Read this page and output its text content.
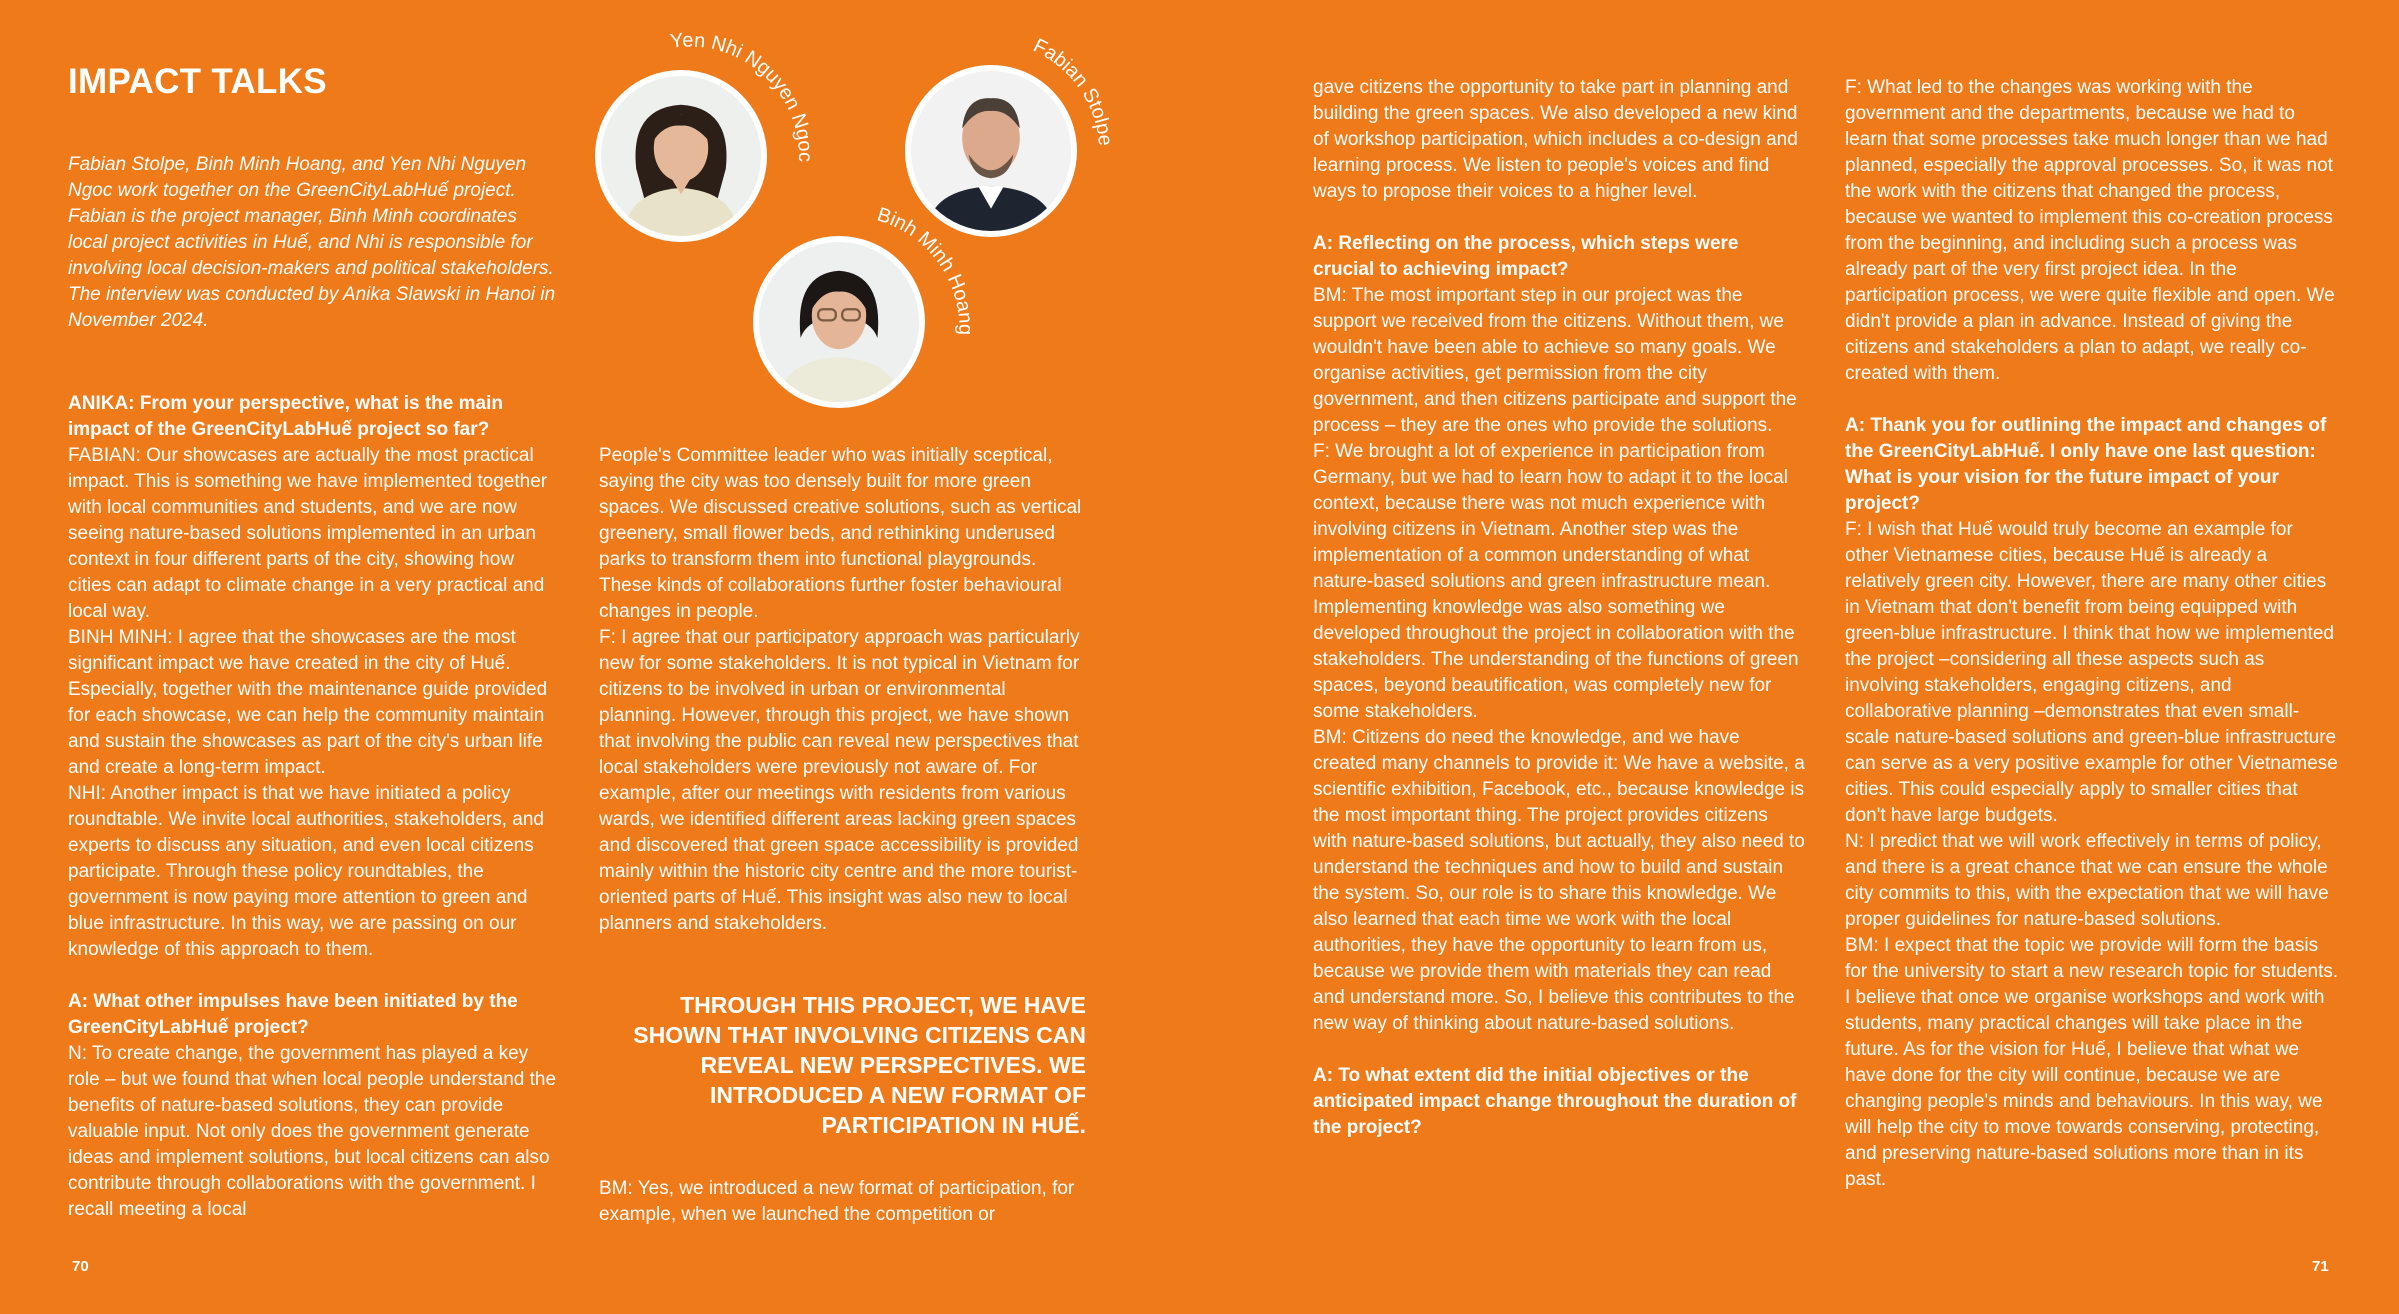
IMPACT TALKS
Fabian Stolpe, Binh Minh Hoang, and Yen Nhi Nguyen Ngoc work together on the GreenCityLabHuế project. Fabian is the project manager, Binh Minh coordinates local project activities in Huế, and Nhi is responsible for involving local decision-makers and political stakeholders. The interview was conducted by Anika Slawski in Hanoi in November 2024.
Yen Nhi Nguyen Ngoc
Fabian Stolpe
Binh Minh Hoang

ANIKA: From your perspective, what is the main impact of the GreenCityLabHuế project so far?

FABIAN: Our showcases are actually the most practical impact. This is something we have implemented together with local communities and students, and we are now seeing nature-based solutions implemented in an urban context in four different parts of the city, showing how cities can adapt to climate change in a very practical and local way.

BINH MINH: I agree that the showcases are the most significant impact we have created in the city of Huế. Especially, together with the maintenance guide provided for each showcase, we can help the community maintain and sustain the showcases as part of the city's urban life and create a long-term impact.

NHI: Another impact is that we have initiated a policy roundtable. We invite local authorities, stakeholders, and experts to discuss any situation, and even local citizens participate. Through these policy roundtables, the government is now paying more attention to green and blue infrastructure. In this way, we are passing on our knowledge of this approach to them.

A: What other impulses have been initiated by the GreenCityLabHuế project?

N: To create change, the government has played a key role – but we found that when local people understand the benefits of nature-based solutions, they can provide valuable input. Not only does the government generate ideas and implement solutions, but local citizens can also contribute through collaborations with the government. I recall meeting a local

People's Committee leader who was initially sceptical, saying the city was too densely built for more green spaces. We discussed creative solutions, such as vertical greenery, small flower beds, and rethinking underused parks to transform them into functional playgrounds. These kinds of collaborations further foster behavioural changes in people.

F: I agree that our participatory approach was particularly new for some stakeholders. It is not typical in Vietnam for citizens to be involved in urban or environmental planning. However, through this project, we have shown that involving the public can reveal new perspectives that local stakeholders were previously not aware of. For example, after our meetings with residents from various wards, we identified different areas lacking green spaces and discovered that green space accessibility is provided mainly within the historic city centre and the more tourist-oriented parts of Huế. This insight was also new to local planners and stakeholders.

THROUGH THIS PROJECT, WE HAVE SHOWN THAT INVOLVING CITIZENS CAN REVEAL NEW PERSPECTIVES. WE INTRODUCED A NEW FORMAT OF PARTICIPATION IN HUẾ.

BM: Yes, we introduced a new format of participation, for example, when we launched the competition or

gave citizens the opportunity to take part in planning and building the green spaces. We also developed a new kind of workshop participation, which includes a co-design and learning process. We listen to people's voices and find ways to propose their voices to a higher level.

A: Reflecting on the process, which steps were crucial to achieving impact?

BM: The most important step in our project was the support we received from the citizens. Without them, we wouldn't have been able to achieve so many goals. We organise activities, get permission from the city government, and then citizens participate and support the process – they are the ones who provide the solutions.

F: We brought a lot of experience in participation from Germany, but we had to learn how to adapt it to the local context, because there was not much experience with involving citizens in Vietnam. Another step was the implementation of a common understanding of what nature-based solutions and green infrastructure mean. Implementing knowledge was also something we developed throughout the project in collaboration with the stakeholders. The understanding of the functions of green spaces, beyond beautification, was completely new for some stakeholders.

BM: Citizens do need the knowledge, and we have created many channels to provide it: We have a website, a scientific exhibition, Facebook, etc., because knowledge is the most important thing. The project provides citizens with nature-based solutions, but actually, they also need to understand the techniques and how to build and sustain the system. So, our role is to share this knowledge. We also learned that each time we work with the local authorities, they have the opportunity to learn from us, because we provide them with materials they can read and understand more. So, I believe this contributes to the new way of thinking about nature-based solutions.

A: To what extent did the initial objectives or the anticipated impact change throughout the duration of the project?

F: What led to the changes was working with the government and the departments, because we had to learn that some processes take much longer than we had planned, especially the approval processes. So, it was not the work with the citizens that changed the process, because we wanted to implement this co-creation process from the beginning, and including such a process was already part of the very first project idea. In the participation process, we were quite flexible and open. We didn't provide a plan in advance. Instead of giving the citizens and stakeholders a plan to adapt, we really co-created with them.

A: Thank you for outlining the impact and changes of the GreenCityLabHuế. I only have one last question: What is your vision for the future impact of your project?

F: I wish that Huế would truly become an example for other Vietnamese cities, because Huế is already a relatively green city. However, there are many other cities in Vietnam that don't benefit from being equipped with green-blue infrastructure. I think that how we implemented the project –considering all these aspects such as involving stakeholders, engaging citizens, and collaborative planning –demonstrates that even small-scale nature-based solutions and green-blue infrastructure can serve as a very positive example for other Vietnamese cities. This could especially apply to smaller cities that don't have large budgets.

N: I predict that we will work effectively in terms of policy, and there is a great chance that we can ensure the whole city commits to this, with the expectation that we will have proper guidelines for nature-based solutions.

BM: I expect that the topic we provide will form the basis for the university to start a new research topic for students. I believe that once we organise workshops and work with students, many practical changes will take place in the future. As for the vision for Huế, I believe that what we have done for the city will continue, because we are changing people's minds and behaviours. In this way, we will help the city to move towards conserving, protecting, and preserving nature-based solutions more than in its past.

70	71
